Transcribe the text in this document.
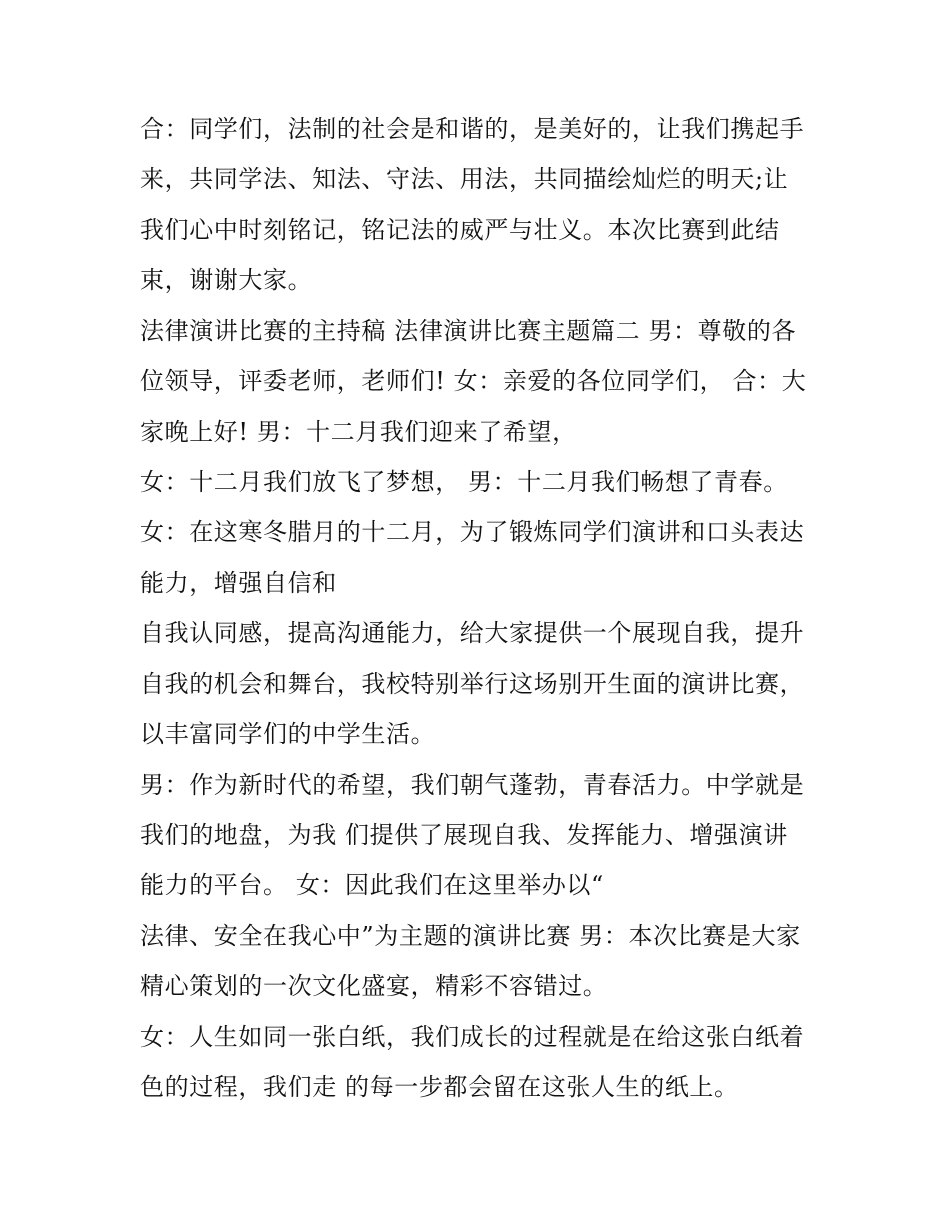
合：同学们，法制的社会是和谐的，是美好的，让我们携起手
来，共同学法、知法、守法、用法，共同描绘灿烂的明天;让
我们心中时刻铭记，铭记法的威严与壮义。本次比赛到此结
束，谢谢大家。
法律演讲比赛的主持稿 法律演讲比赛主题篇二 男：尊敬的各
位领导，评委老师，老师们! 女：亲爱的各位同学们， 合：大
家晚上好! 男：十二月我们迎来了希望，
女：十二月我们放飞了梦想， 男：十二月我们畅想了青春。
女：在这寒冬腊月的十二月，为了锻炼同学们演讲和口头表达
能力，增强自信和
自我认同感，提高沟通能力，给大家提供一个展现自我，提升
自我的机会和舞台，我校特别举行这场别开生面的演讲比赛，
以丰富同学们的中学生活。
男：作为新时代的希望，我们朝气蓬勃，青春活力。中学就是
我们的地盘，为我 们提供了展现自我、发挥能力、增强演讲
能力的平台。 女：因此我们在这里举办以“
法律、安全在我心中”为主题的演讲比赛 男：本次比赛是大家
精心策划的一次文化盛宴，精彩不容错过。
女：人生如同一张白纸，我们成长的过程就是在给这张白纸着
色的过程，我们走 的每一步都会留在这张人生的纸上。
